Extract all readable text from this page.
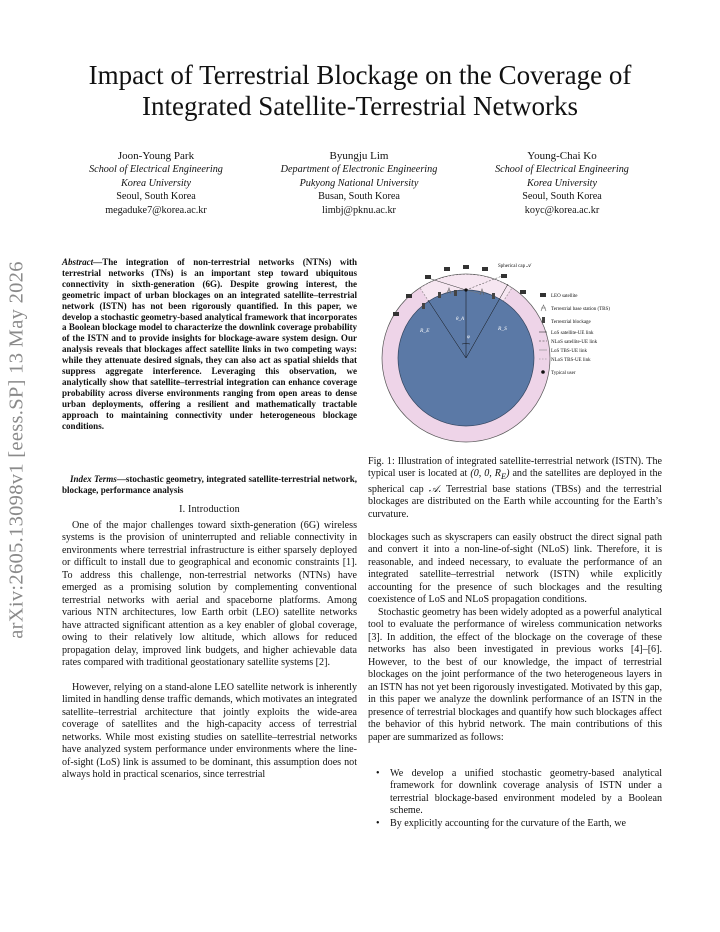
Impact of Terrestrial Blockage on the Coverage of Integrated Satellite-Terrestrial Networks
Joon-Young Park
School of Electrical Engineering
Korea University
Seoul, South Korea
megaduke7@korea.ac.kr
Byungju Lim
Department of Electronic Engineering
Pukyong National University
Busan, South Korea
limbj@pknu.ac.kr
Young-Chai Ko
School of Electrical Engineering
Korea University
Seoul, South Korea
koyc@korea.ac.kr
arXiv:2605.13098v1 [eess.SP] 13 May 2026	Abstract—The integration of non-terrestrial networks (NTNs) with terrestrial networks (TNs) is an important step toward ubiquitous connectivity in sixth-generation (6G). Despite growing interest, the geometric impact of urban blockages on an integrated satellite–terrestrial network (ISTN) has not been rigorously quantified. In this paper, we develop a stochastic geometry-based analytical framework that incorporates a Boolean blockage model to characterize the downlink coverage probability of the ISTN and to provide insights for blockage-aware system design. Our analysis reveals that blockages affect satellite links in two competing ways: while they attenuate desired signals, they can also act as spatial shields that suppress aggregate interference. Leveraging this observation, we analytically show that satellite–terrestrial integration can enhance coverage probability across diverse environments ranging from open areas to dense urban deployments, offering a resilient and mathematically tractable approach to maintaining connectivity under heterogeneous blockage conditions.
Index Terms—stochastic geometry, integrated satellite-terrestrial network, blockage, performance analysis
I. Introduction
One of the major challenges toward sixth-generation (6G) wireless systems is the provision of uninterrupted and reliable connectivity in environments where terrestrial infrastructure is either sparsely deployed or difficult to install due to geographical and economic constraints [1]. To address this challenge, non-terrestrial networks (NTNs) have emerged as a promising solution by complementing conventional terrestrial networks with aerial and spaceborne platforms. Among various NTN architectures, low Earth orbit (LEO) satellite networks have attracted significant attention as a key enabler of global coverage, owing to their relatively low altitude, which allows for reduced propagation delay, improved link budgets, and higher achievable data rates compared with traditional geostationary satellite systems [2].
However, relying on a stand-alone LEO satellite network is inherently limited in handling dense traffic demands, which motivates an integrated satellite–terrestrial architecture that jointly exploits the wide-area coverage of satellites and the high-capacity access of terrestrial networks. While most existing studies on satellite–terrestrial networks have analyzed system performance under environments where the line-of-sight (LoS) link is assumed to be dominant, this assumption does not always hold in practical scenarios, since terrestrial
Spherical cap 𝒜
R_E	R_S
φ
θ_A
LEO satellite
Terrestrial base station (TBS)
Terrestrial blockage
LoS satellite-UE link
NLoS satellite-UE link
LoS TBS-UE link
NLoS TBS-UE link
Typical user
Fig. 1: Illustration of integrated satellite-terrestrial network (ISTN). The typical user is located at (0, 0, $R_E$) and the satellites are deployed in the spherical cap 𝒜. Terrestrial base stations (TBSs) and the terrestrial blockages are distributed on the Earth while accounting for the Earth’s curvature.
blockages such as skyscrapers can easily obstruct the direct signal path and convert it into a non-line-of-sight (NLoS) link. Therefore, it is reasonable, and indeed necessary, to evaluate the performance of an integrated satellite–terrestrial network (ISTN) while explicitly accounting for the presence of such blockages and the resulting coexistence of LoS and NLoS propagation conditions.
Stochastic geometry has been widely adopted as a powerful analytical tool to evaluate the performance of wireless communication networks [3]. In addition, the effect of the blockage on the coverage of these networks has also been investigated in previous works [4]–[6]. However, to the best of our knowledge, the impact of terrestrial blockages on the joint performance of the two heterogeneous layers in an ISTN has not yet been rigorously investigated. Motivated by this gap, in this paper we analyze the downlink performance of an ISTN in the presence of terrestrial blockages and quantify how such blockages affect the behavior of this hybrid network. The main contributions of this paper are summarized as follows:
• We develop a unified stochastic geometry-based analytical framework for downlink coverage analysis of ISTN under a terrestrial blockage-based environment modeled by a Boolean scheme.
• By explicitly accounting for the curvature of the Earth, we
